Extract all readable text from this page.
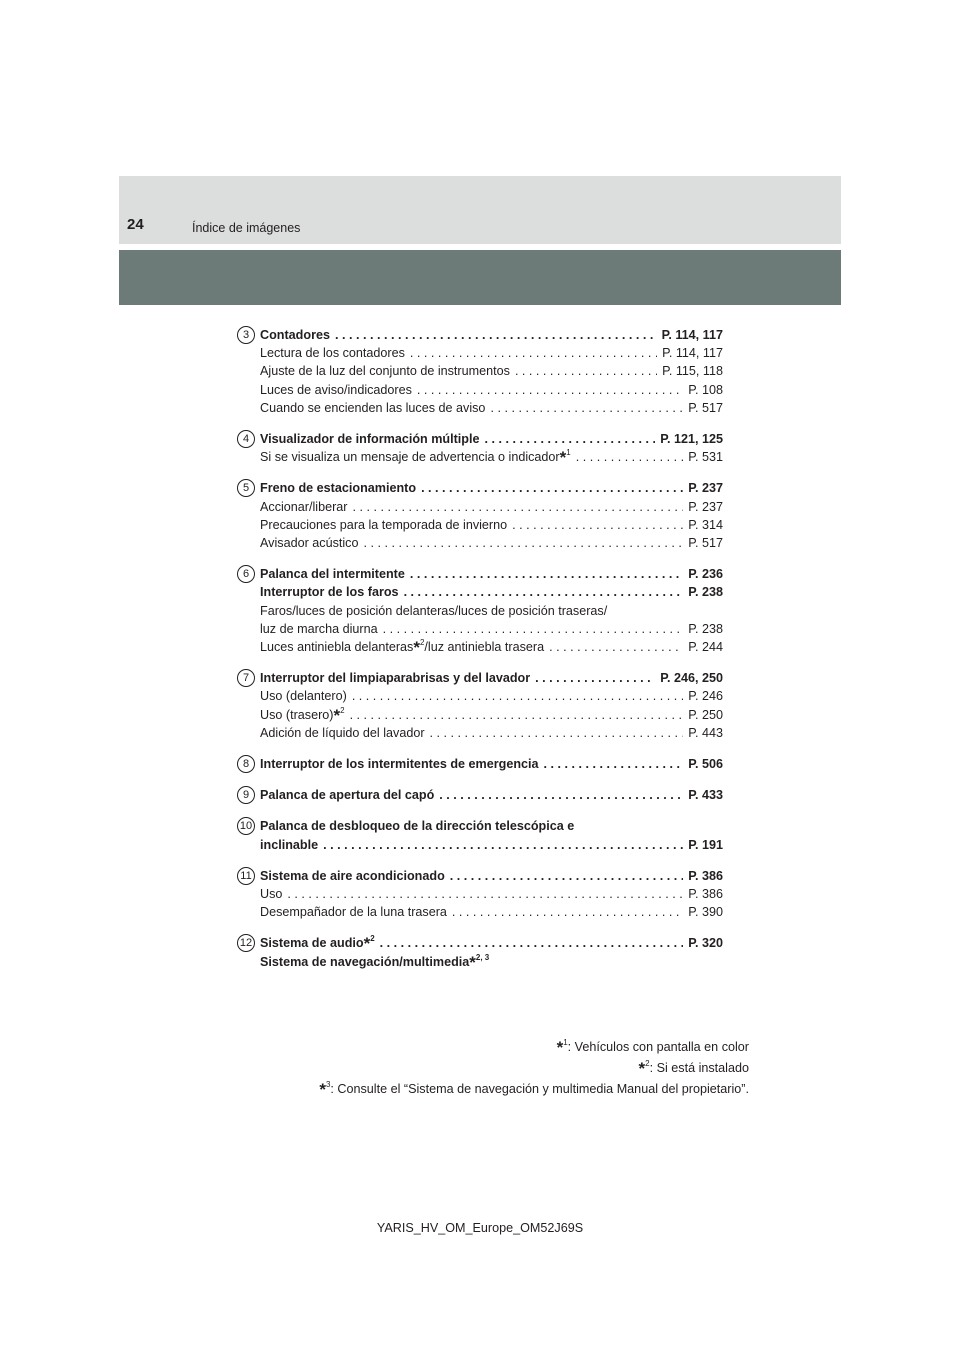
24	Índice de imágenes
3 Contadores . . .	P. 114, 117
Lectura de los contadores . . .	P. 114, 117
Ajuste de la luz del conjunto de instrumentos . . .	P. 115, 118
Luces de aviso/indicadores . . .	P. 108
Cuando se encienden las luces de aviso . . .	P. 517
4 Visualizador de información múltiple . . .	P. 121, 125
Si se visualiza un mensaje de advertencia o indicador*$^1$ . . .	P. 531
5 Freno de estacionamiento . . .	P. 237
Accionar/liberar . . .	P. 237
Precauciones para la temporada de invierno . . .	P. 314
Avisador acústico . . .	P. 517
6 Palanca del intermitente . . .	P. 236
Interruptor de los faros . . .	P. 238
Faros/luces de posición delanteras/luces de posición traseras/
luz de marcha diurna . . .	P. 238
Luces antiniebla delanteras*$^2$/luz antiniebla trasera . . .	P. 244
7 Interruptor del limpiaparabrisas y del lavador . . .	P. 246, 250
Uso (delantero) . . .	P. 246
Uso (trasero)*$^2$ . . .	P. 250
Adición de líquido del lavador . . .	P. 443
8 Interruptor de los intermitentes de emergencia . . .	P. 506
9 Palanca de apertura del capó . . .	P. 433
10 Palanca de desbloqueo de la dirección telescópica e
inclinable . . .	P. 191
11 Sistema de aire acondicionado . . .	P. 386
Uso . . .	P. 386
Desempañador de la luna trasera . . .	P. 390
12 Sistema de audio*$^2$ . . .	P. 320
Sistema de navegación/multimedia*$^{2, 3}$
*$^1$: Vehículos con pantalla en color
*$^2$: Si está instalado
*$^3$: Consulte el “Sistema de navegación y multimedia Manual del propietario”.
YARIS_HV_OM_Europe_OM52J69S
